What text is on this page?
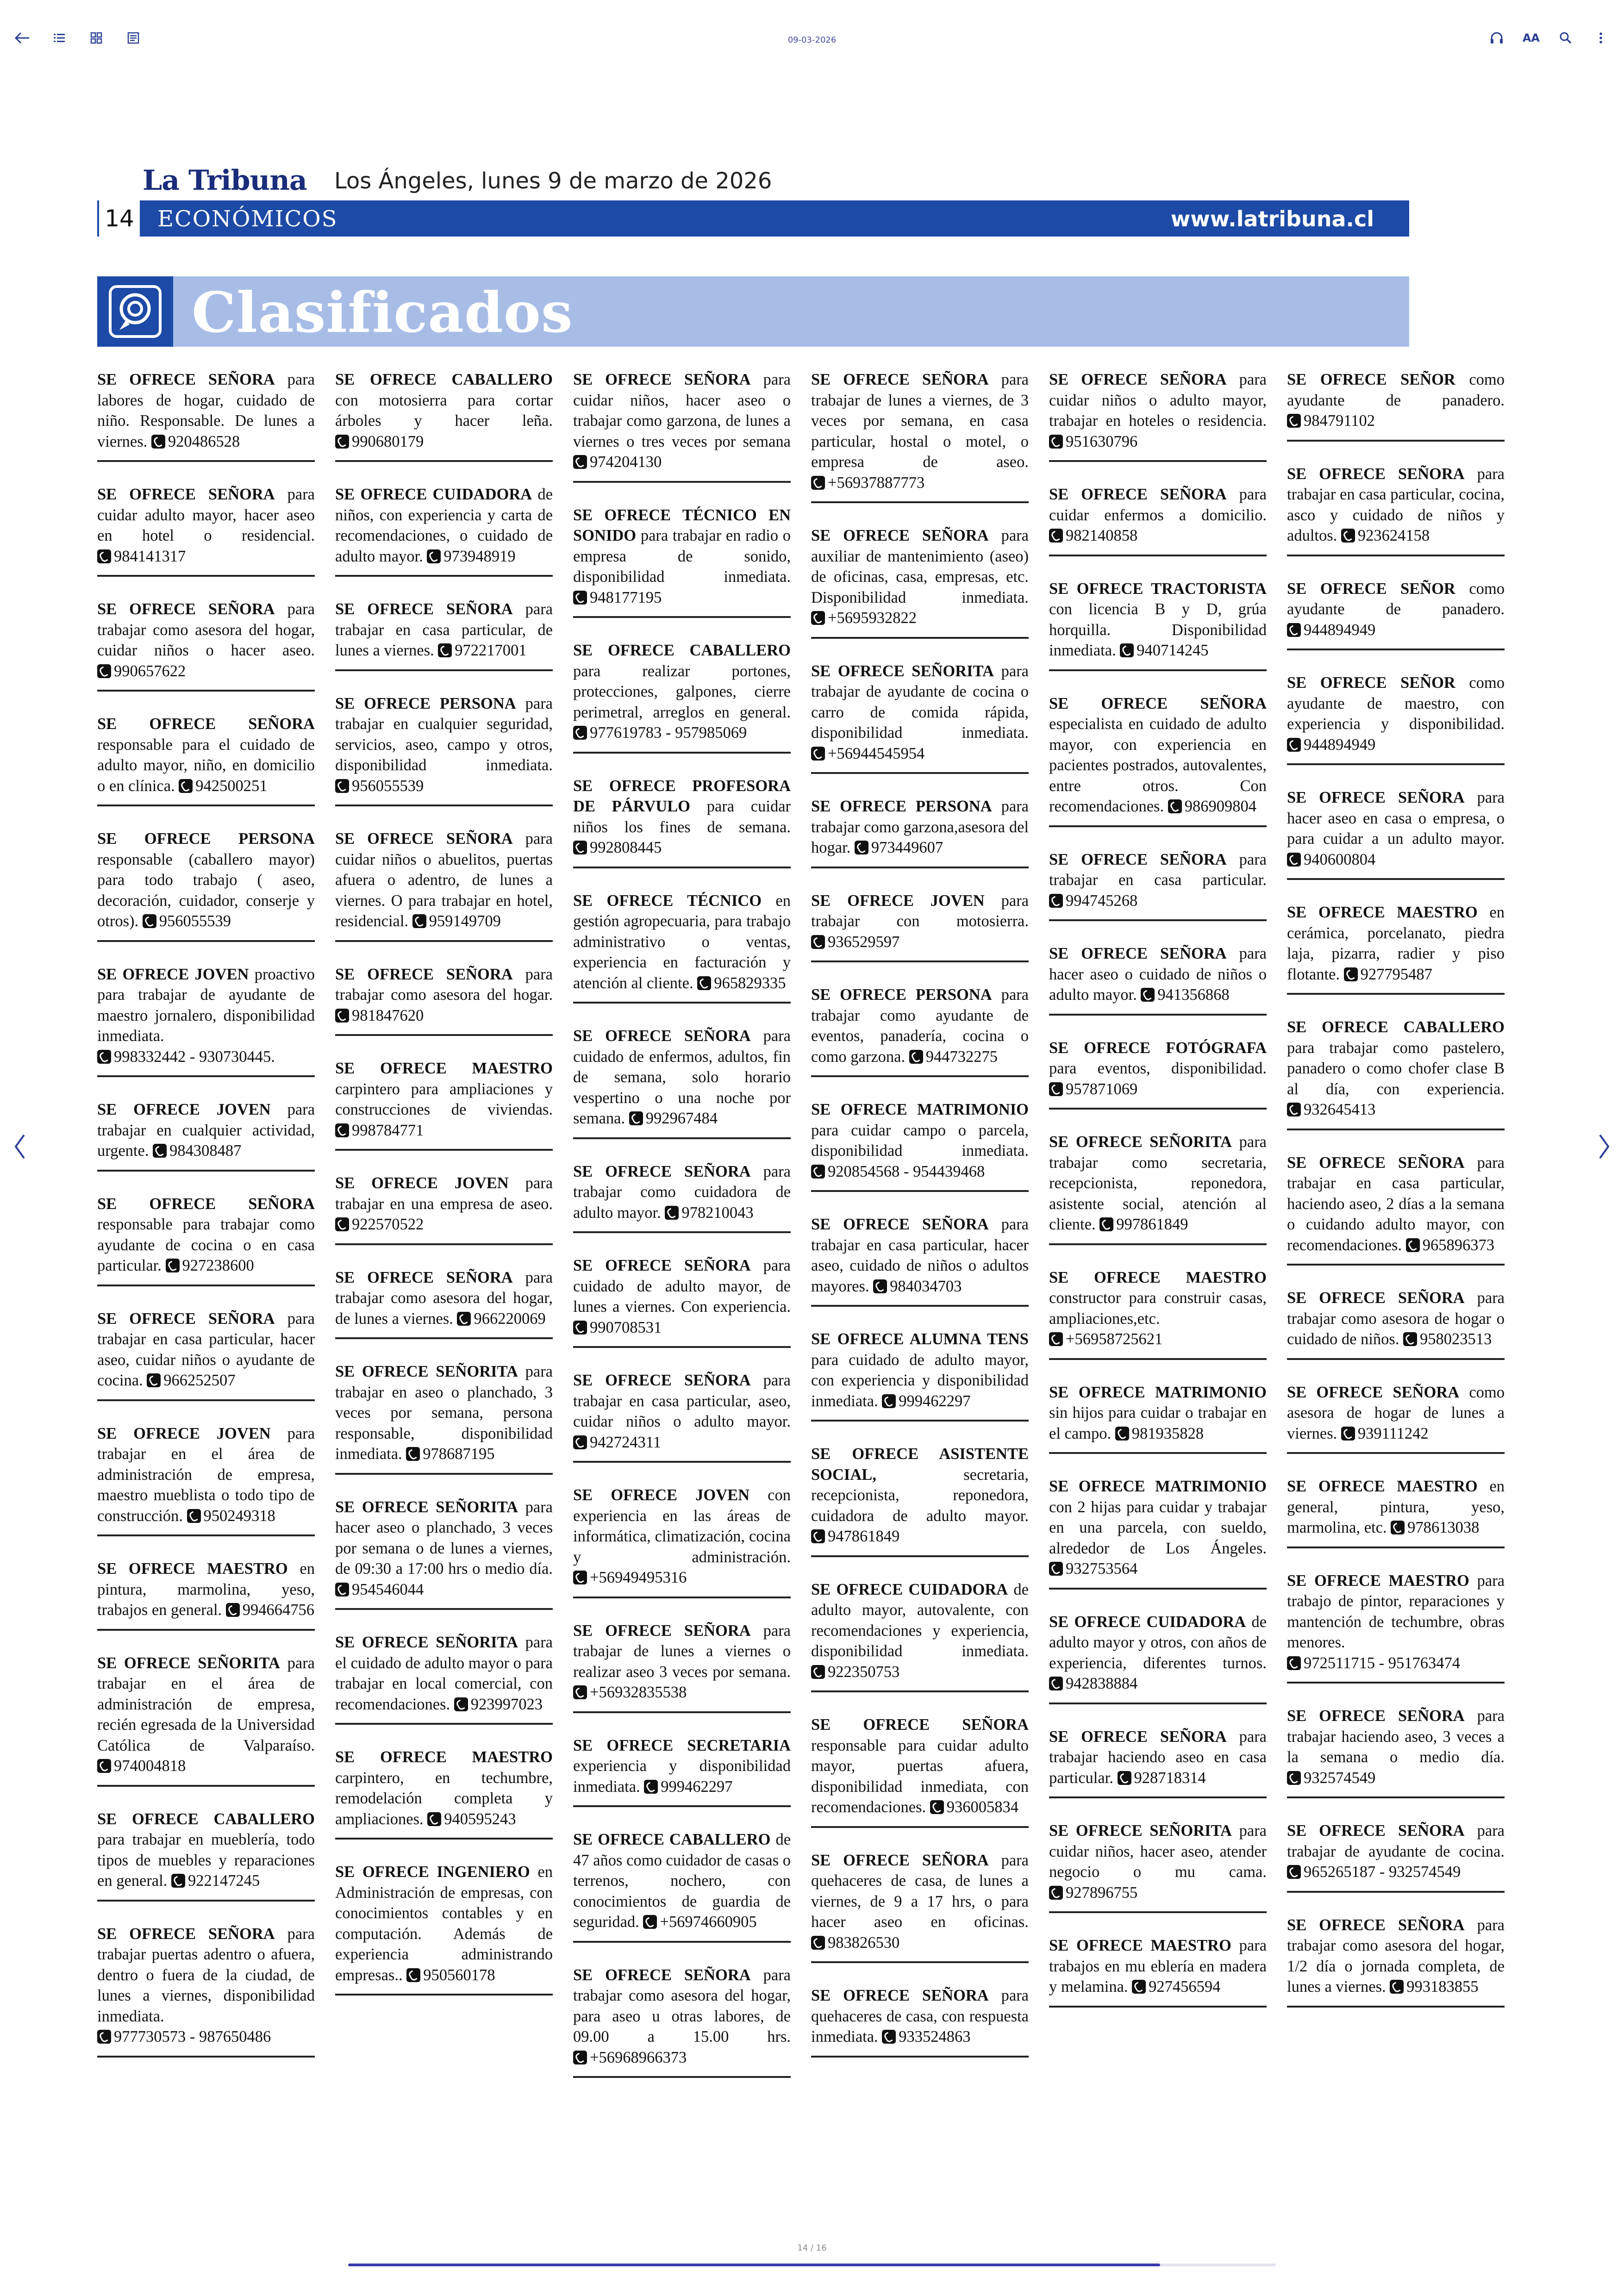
09-03-2026	AA
La Tribuna Los Ángeles, lunes 9 de marzo de 2026
14 ECONÓMICOS	www.latribuna.cl
Clasificados
SE OFRECE SEÑORA para labores de hogar, cuidado de niño. Responsable. De lunes a viernes. 920486528
SE OFRECE SEÑORA para cuidar adulto mayor, hacer aseo en hotel o residencial. 984141317
SE OFRECE SEÑORA para trabajar como asesora del hogar, cuidar niños o hacer aseo. 990657622
SE OFRECE SEÑORA responsable para el cuidado de adulto mayor, niño, en domicilio o en clínica. 942500251
SE OFRECE PERSONA responsable (caballero mayor) para todo trabajo ( aseo, decoración, cuidador, conserje y otros). 956055539
SE OFRECE JOVEN proactivo para trabajar de ayudante de maestro jornalero, disponibilidad inmediata. 998332442 - 930730445.
SE OFRECE JOVEN para trabajar en cualquier actividad, urgente. 984308487
SE OFRECE SEÑORA responsable para trabajar como ayudante de cocina o en casa particular. 927238600
SE OFRECE SEÑORA para trabajar en casa particular, hacer aseo, cuidar niños o ayudante de cocina. 966252507
SE OFRECE JOVEN para trabajar en el área de administración de empresa, maestro mueblista o todo tipo de construcción. 950249318
SE OFRECE MAESTRO en pintura, marmolina, yeso, trabajos en general. 994664756
SE OFRECE SEÑORITA para trabajar en el área de administración de empresa, recién egresada de la Universidad Católica de Valparaíso. 974004818
SE OFRECE CABALLERO para trabajar en mueblería, todo tipos de muebles y reparaciones en general. 922147245
SE OFRECE SEÑORA para trabajar puertas adentro o afuera, dentro o fuera de la ciudad, de lunes a viernes, disponibilidad inmediata. 977730573 - 987650486
SE OFRECE CABALLERO con motosierra para cortar árboles y hacer leña. 990680179
SE OFRECE CUIDADORA de niños, con experiencia y carta de recomendaciones, o cuidado de adulto mayor. 973948919
SE OFRECE SEÑORA para trabajar en casa particular, de lunes a viernes. 972217001
SE OFRECE PERSONA para trabajar en cualquier seguridad, servicios, aseo, campo y otros, disponibilidad inmediata. 956055539
SE OFRECE SEÑORA para cuidar niños o abuelitos, puertas afuera o adentro, de lunes a viernes. O para trabajar en hotel, residencial. 959149709
SE OFRECE SEÑORA para trabajar como asesora del hogar. 981847620
SE OFRECE MAESTRO carpintero para ampliaciones y construcciones de viviendas. 998784771
SE OFRECE JOVEN para trabajar en una empresa de aseo. 922570522
SE OFRECE SEÑORA para trabajar como asesora del hogar, de lunes a viernes. 966220069
SE OFRECE SEÑORITA para trabajar en aseo o planchado, 3 veces por semana, persona responsable, disponibilidad inmediata. 978687195
SE OFRECE SEÑORITA para hacer aseo o planchado, 3 veces por semana o de lunes a viernes, de 09:30 a 17:00 hrs o medio día. 954546044
SE OFRECE SEÑORITA para el cuidado de adulto mayor o para trabajar en local comercial, con recomendaciones. 923997023
SE OFRECE MAESTRO carpintero, en techumbre, remodelación completa y ampliaciones. 940595243
SE OFRECE INGENIERO en Administración de empresas, con conocimientos contables y en computación. Además de experiencia administrando empresas.. 950560178
SE OFRECE SEÑORA para cuidar niños, hacer aseo o trabajar como garzona, de lunes a viernes o tres veces por semana 974204130
SE OFRECE TÉCNICO EN SONIDO para trabajar en radio o empresa de sonido, disponibilidad inmediata. 948177195
SE OFRECE CABALLERO para realizar portones, protecciones, galpones, cierre perimetral, arreglos en general. 977619783 - 957985069
SE OFRECE PROFESORA DE PÁRVULO para cuidar niños los fines de semana. 992808445
SE OFRECE TÉCNICO en gestión agropecuaria, para trabajo administrativo o ventas, experiencia en facturación y atención al cliente. 965829335
SE OFRECE SEÑORA para cuidado de enfermos, adultos, fin de semana, solo horario vespertino o una noche por semana. 992967484
SE OFRECE SEÑORA para trabajar como cuidadora de adulto mayor. 978210043
SE OFRECE SEÑORA para cuidado de adulto mayor, de lunes a viernes. Con experiencia. 990708531
SE OFRECE SEÑORA para trabajar en casa particular, aseo, cuidar niños o adulto mayor. 942724311
SE OFRECE JOVEN con experiencia en las áreas de informática, climatización, cocina y administración. +56949495316
SE OFRECE SEÑORA para trabajar de lunes a viernes o realizar aseo 3 veces por semana. +56932835538
SE OFRECE SECRETARIA experiencia y disponibilidad inmediata. 999462297
SE OFRECE CABALLERO de 47 años como cuidador de casas o terrenos, nochero, con conocimientos de guardia de seguridad. +56974660905
SE OFRECE SEÑORA para trabajar como asesora del hogar, para aseo u otras labores, de 09.00 a 15.00 hrs. +56968966373
SE OFRECE SEÑORA para trabajar de lunes a viernes, de 3 veces por semana, en casa particular, hostal o motel, o empresa de aseo. +56937887773
SE OFRECE SEÑORA para auxiliar de mantenimiento (aseo) de oficinas, casa, empresas, etc. Disponibilidad inmediata. +5695932822
SE OFRECE SEÑORITA para trabajar de ayudante de cocina o carro de comida rápida, disponibilidad inmediata. +56944545954
SE OFRECE PERSONA para trabajar como garzona,asesora del hogar. 973449607
SE OFRECE JOVEN para trabajar con motosierra. 936529597
SE OFRECE PERSONA para trabajar como ayudante de eventos, panadería, cocina o como garzona. 944732275
SE OFRECE MATRIMONIO para cuidar campo o parcela, disponibilidad inmediata. 920854568 - 954439468
SE OFRECE SEÑORA para trabajar en casa particular, hacer aseo, cuidado de niños o adultos mayores. 984034703
SE OFRECE ALUMNA TENS para cuidado de adulto mayor, con experiencia y disponibilidad inmediata. 999462297
SE OFRECE ASISTENTE SOCIAL,	secretaria, recepcionista, reponedora, cuidadora de adulto mayor. 947861849
SE OFRECE CUIDADORA de adulto mayor, autovalente, con recomendaciones y experiencia, disponibilidad inmediata. 922350753
SE OFRECE SEÑORA responsable para cuidar adulto mayor, puertas afuera, disponibilidad inmediata, con recomendaciones. 936005834
SE OFRECE SEÑORA para quehaceres de casa, de lunes a viernes, de 9 a 17 hrs, o para hacer aseo en oficinas. 983826530
SE OFRECE SEÑORA para quehaceres de casa, con respuesta inmediata. 933524863
SE OFRECE SEÑORA para cuidar niños o adulto mayor, trabajar en hoteles o residencia. 951630796
SE OFRECE SEÑORA para cuidar enfermos a domicilio. 982140858
SE OFRECE TRACTORISTA con licencia B y D, grúa horquilla. Disponibilidad inmediata. 940714245
SE OFRECE SEÑORA especialista en cuidado de adulto mayor, con experiencia en pacientes postrados, autovalentes, entre otros. Con recomendaciones. 986909804
SE OFRECE SEÑORA para trabajar en casa particular. 994745268
SE OFRECE SEÑORA para hacer aseo o cuidado de niños o adulto mayor. 941356868
SE OFRECE FOTÓGRAFA para eventos, disponibilidad. 957871069
SE OFRECE SEÑORITA para trabajar como secretaria, recepcionista, reponedora, asistente social, atención al cliente. 997861849
SE OFRECE MAESTRO constructor para construir casas, ampliaciones,etc. +56958725621
SE OFRECE MATRIMONIO sin hijos para cuidar o trabajar en el campo. 981935828
SE OFRECE MATRIMONIO con 2 hijas para cuidar y trabajar en una parcela, con sueldo, alrededor de Los Ángeles. 932753564
SE OFRECE CUIDADORA de adulto mayor y otros, con años de experiencia, diferentes turnos. 942838884
SE OFRECE SEÑORA para trabajar haciendo aseo en casa particular. 928718314
SE OFRECE SEÑORITA para cuidar niños, hacer aseo, atender negocio o mu cama. 927896755
SE OFRECE MAESTRO para trabajos en mu eblería en madera y melamina. 927456594
SE OFRECE SEÑOR como ayudante de panadero. 984791102
SE OFRECE SEÑORA para trabajar en casa particular, cocina, asco y cuidado de niños y adultos. 923624158
SE OFRECE SEÑOR como ayudante de panadero. 944894949
SE OFRECE SEÑOR como ayudante de maestro, con experiencia y disponibilidad. 944894949
SE OFRECE SEÑORA para hacer aseo en casa o empresa, o para cuidar a un adulto mayor. 940600804
SE OFRECE MAESTRO en cerámica, porcelanato, piedra laja, pizarra, radier y piso flotante. 927795487
SE OFRECE CABALLERO para trabajar como pastelero, panadero o como chofer clase B al día, con experiencia. 932645413
SE OFRECE SEÑORA para trabajar en casa particular, haciendo aseo, 2 días a la semana o cuidando adulto mayor, con recomendaciones. 965896373
SE OFRECE SEÑORA para trabajar como asesora de hogar o cuidado de niños. 958023513
SE OFRECE SEÑORA como asesora de hogar de lunes a viernes. 939111242
SE OFRECE MAESTRO en general, pintura, yeso, marmolina, etc. 978613038
SE OFRECE MAESTRO para trabajo de pintor, reparaciones y mantención de techumbre, obras menores. 972511715 - 951763474
SE OFRECE SEÑORA para trabajar haciendo aseo, 3 veces a la semana o medio día. 932574549
SE OFRECE SEÑORA para trabajar de ayudante de cocina. 965265187 - 932574549
SE OFRECE SEÑORA para trabajar como asesora del hogar, 1/2 día o jornada completa, de lunes a viernes. 993183855
14 / 16
